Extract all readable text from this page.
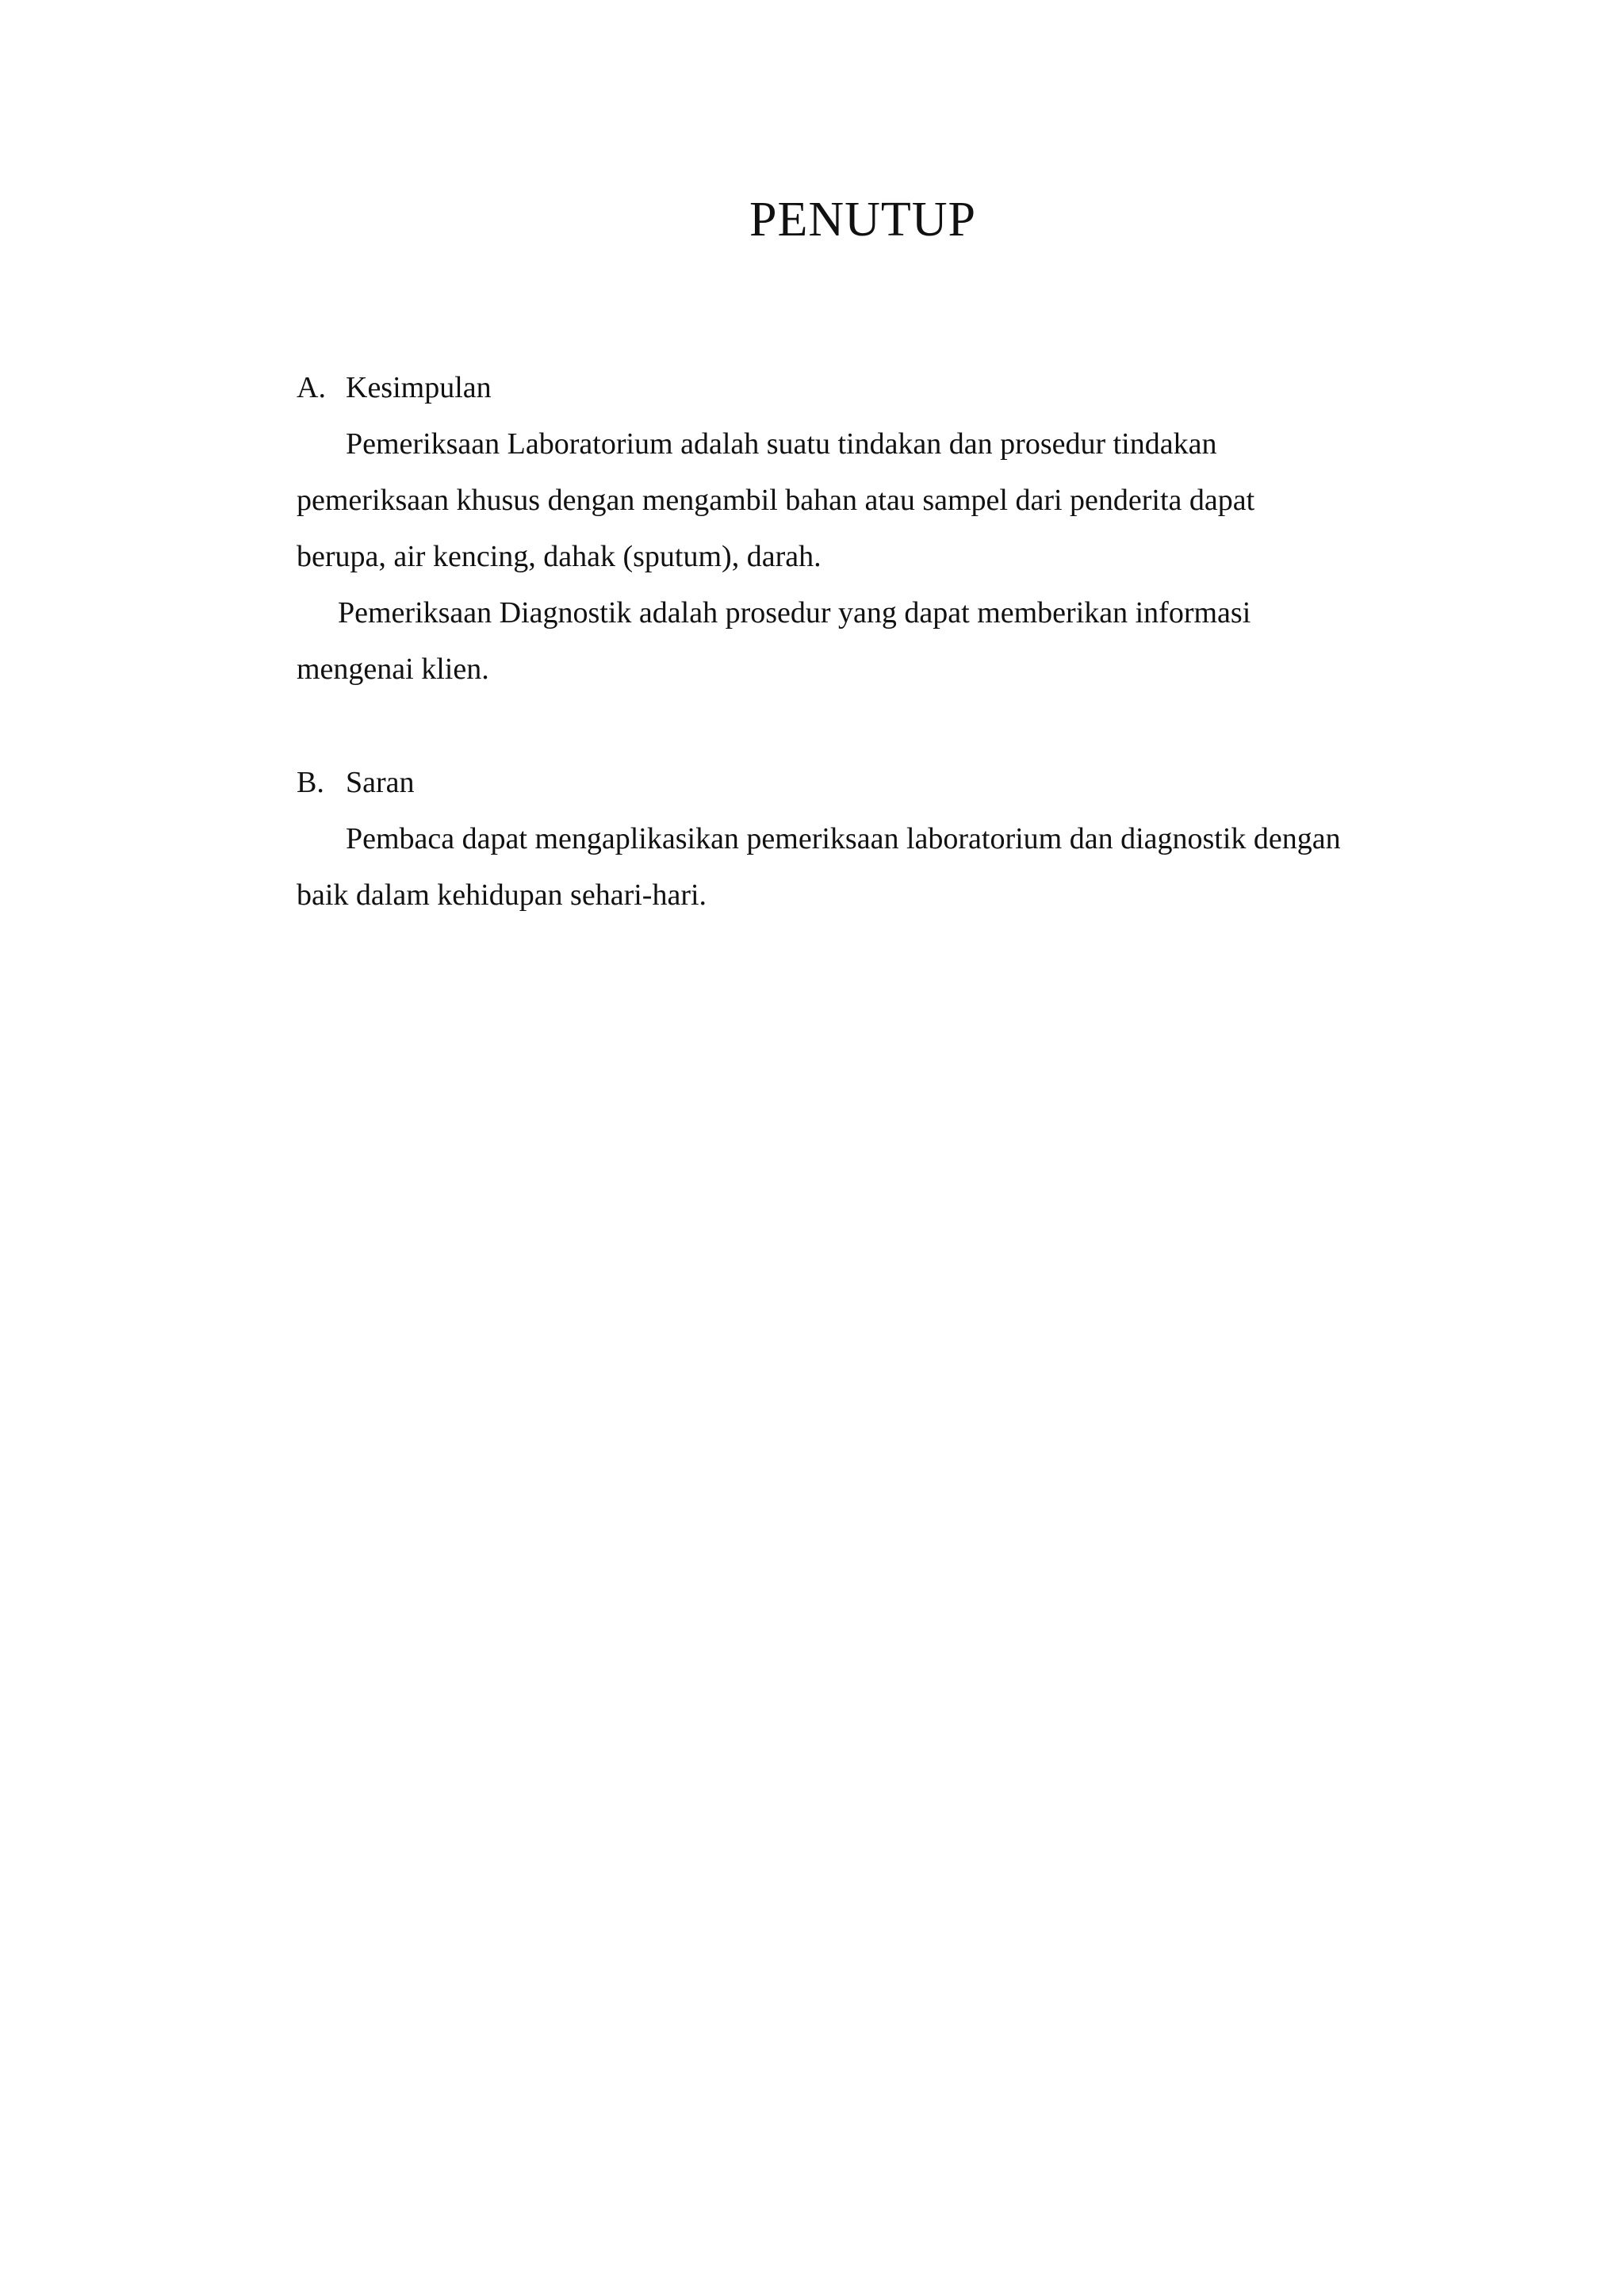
PENUTUP
A. Kesimpulan

Pemeriksaan Laboratorium adalah suatu tindakan dan prosedur tindakan

pemeriksaan khusus dengan mengambil bahan atau sampel dari penderita dapat

berupa, air kencing, dahak (sputum), darah.

Pemeriksaan Diagnostik adalah prosedur yang dapat memberikan informasi

mengenai klien.

B. Saran

Pembaca dapat mengaplikasikan pemeriksaan laboratorium dan diagnostik dengan

baik dalam kehidupan sehari-hari.
